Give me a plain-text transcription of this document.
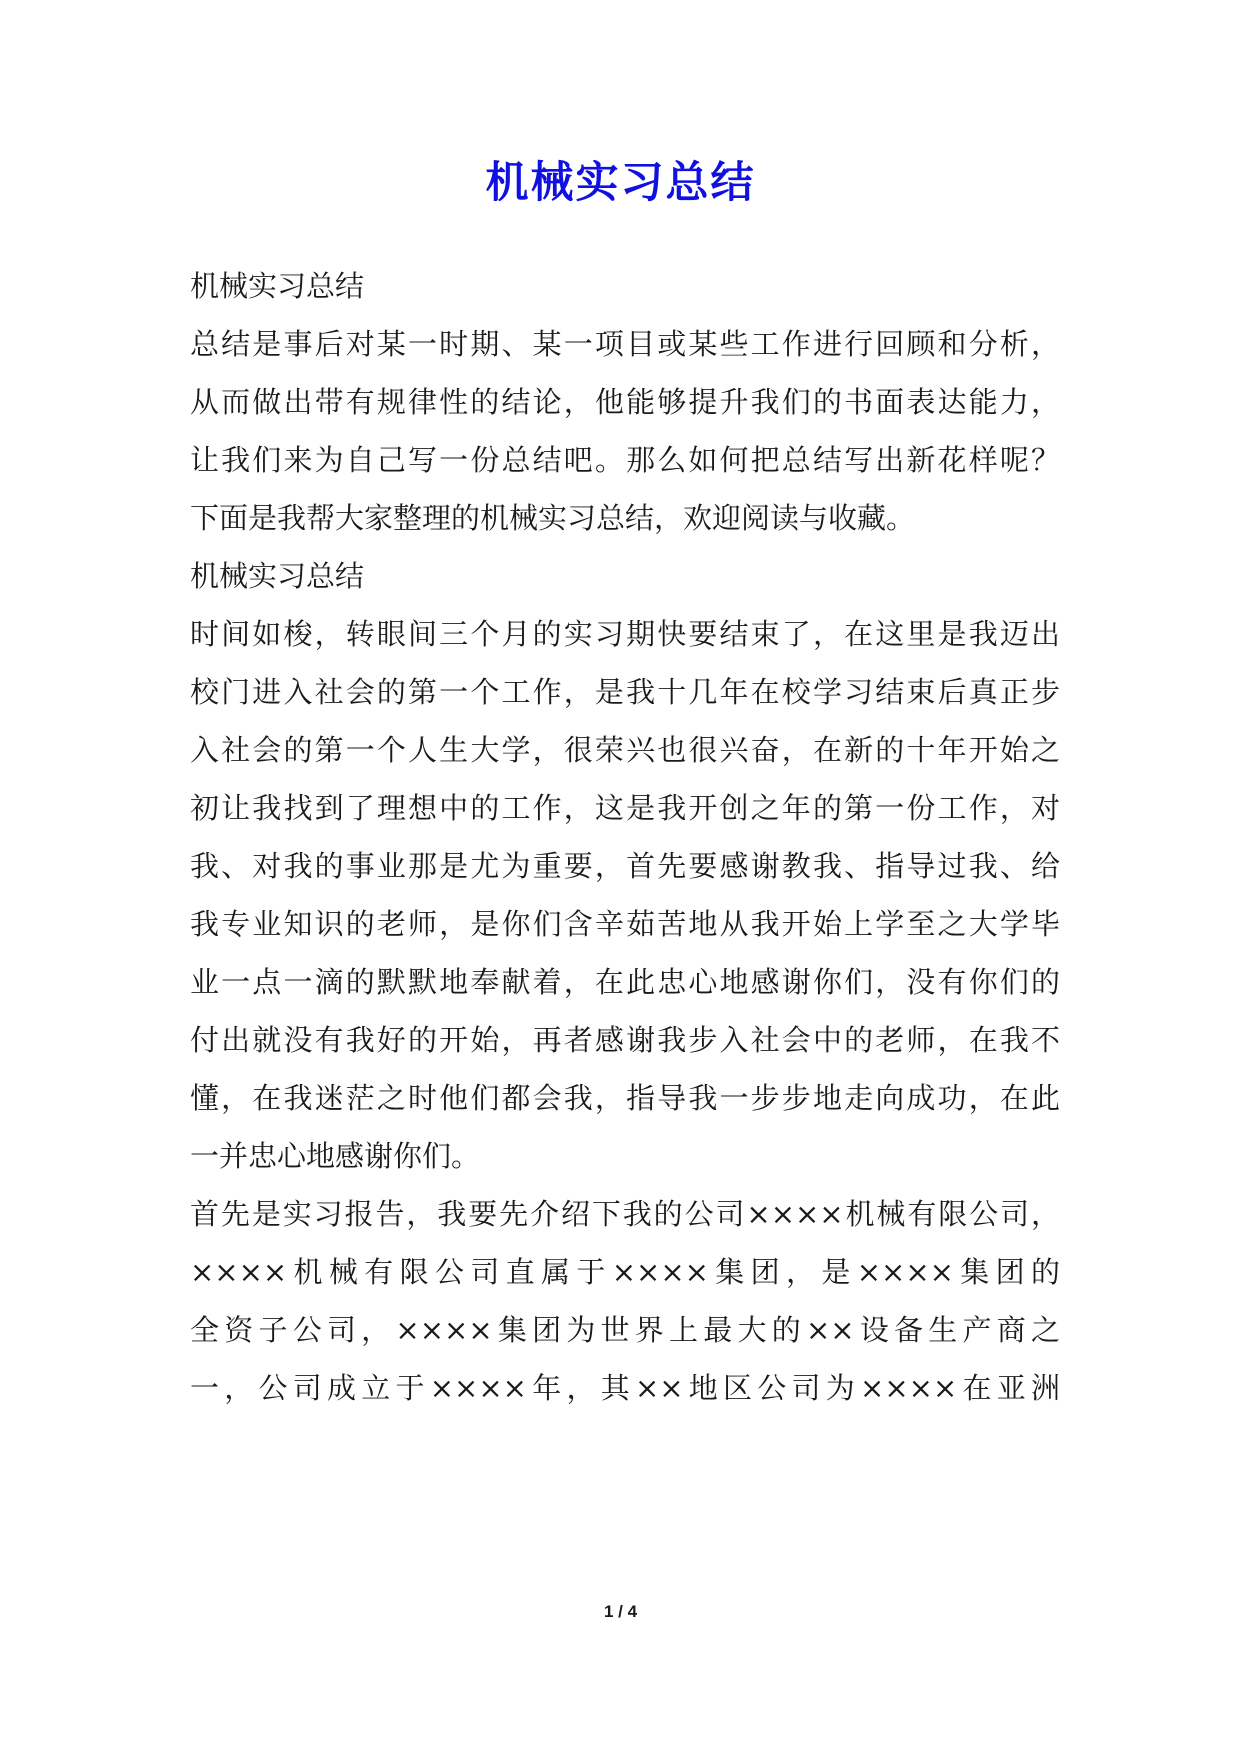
机械实习总结
机械实习总结
总结是事后对某一时期、某一项目或某些工作进行回顾和分析，
从而做出带有规律性的结论，他能够提升我们的书面表达能力，
让我们来为自己写一份总结吧。那么如何把总结写出新花样呢？
下面是我帮大家整理的机械实习总结，欢迎阅读与收藏。
机械实习总结
时间如梭，转眼间三个月的实习期快要结束了，在这里是我迈出
校门进入社会的第一个工作，是我十几年在校学习结束后真正步
入社会的第一个人生大学，很荣兴也很兴奋，在新的十年开始之
初让我找到了理想中的工作，这是我开创之年的第一份工作，对
我、对我的事业那是尤为重要，首先要感谢教我、指导过我、给
我专业知识的老师，是你们含辛茹苦地从我开始上学至之大学毕
业一点一滴的默默地奉献着，在此忠心地感谢你们，没有你们的
付出就没有我好的开始，再者感谢我步入社会中的老师，在我不
懂，在我迷茫之时他们都会我，指导我一步步地走向成功，在此
一并忠心地感谢你们。
首先是实习报告，我要先介绍下我的公司××××机械有限公司，
××××机械有限公司直属于××××集团，是××××集团的
全资子公司，××××集团为世界上最大的××设备生产商之
一，公司成立于××××年，其××地区公司为××××在亚洲
1 / 4
